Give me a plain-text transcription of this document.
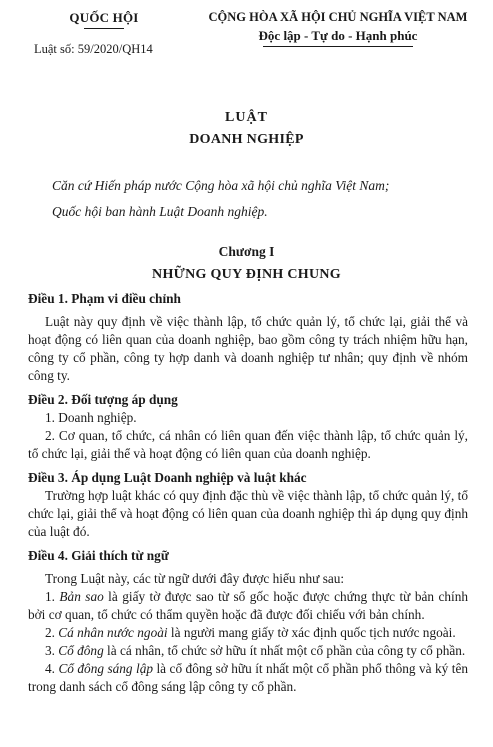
QUỐC HỘI
Luật số: 59/2020/QH14
CỘNG HÒA XÃ HỘI CHỦ NGHĨA VIỆT NAM
Độc lập - Tự do - Hạnh phúc
LUẬT
DOANH NGHIỆP
Căn cứ Hiến pháp nước Cộng hòa xã hội chủ nghĩa Việt Nam;
Quốc hội ban hành Luật Doanh nghiệp.
Chương I
NHỮNG QUY ĐỊNH CHUNG

Điều 1. Phạm vi điều chỉnh

Luật này quy định về việc thành lập, tổ chức quản lý, tổ chức lại, giải thể và hoạt động có liên quan của doanh nghiệp, bao gồm công ty trách nhiệm hữu hạn, công ty cổ phần, công ty hợp danh và doanh nghiệp tư nhân; quy định về nhóm công ty.

Điều 2. Đối tượng áp dụng

1. Doanh nghiệp.

2. Cơ quan, tổ chức, cá nhân có liên quan đến việc thành lập, tổ chức quản lý, tổ chức lại, giải thể và hoạt động có liên quan của doanh nghiệp.

Điều 3. Áp dụng Luật Doanh nghiệp và luật khác

Trường hợp luật khác có quy định đặc thù về việc thành lập, tổ chức quản lý, tổ chức lại, giải thể và hoạt động có liên quan của doanh nghiệp thì áp dụng quy định của luật đó.

Điều 4. Giải thích từ ngữ

Trong Luật này, các từ ngữ dưới đây được hiểu như sau:

1. Bản sao là giấy tờ được sao từ sổ gốc hoặc được chứng thực từ bản chính bởi cơ quan, tổ chức có thẩm quyền hoặc đã được đối chiếu với bản chính.

2. Cá nhân nước ngoài là người mang giấy tờ xác định quốc tịch nước ngoài.

3. Cổ đông là cá nhân, tổ chức sở hữu ít nhất một cổ phần của công ty cổ phần.

4. Cổ đông sáng lập là cổ đông sở hữu ít nhất một cổ phần phổ thông và ký tên trong danh sách cổ đông sáng lập công ty cổ phần.
